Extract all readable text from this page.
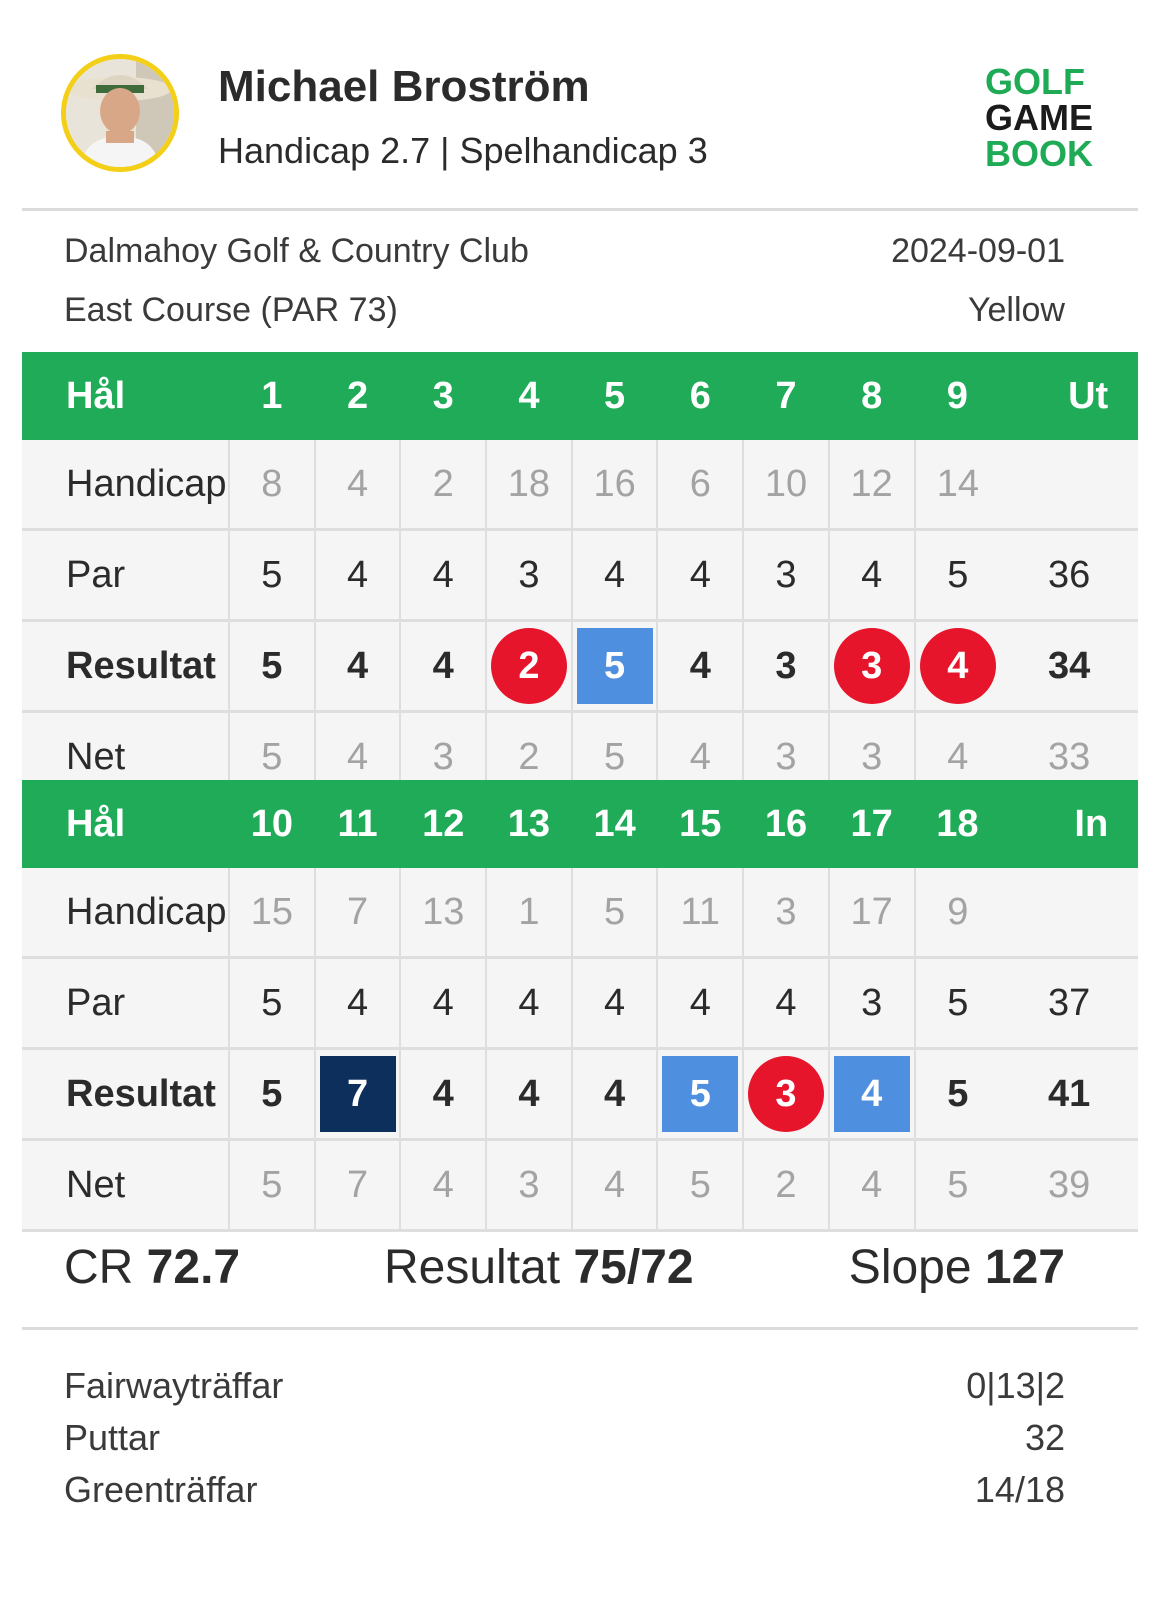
Michael Broström
Handicap 2.7 | Spelhandicap 3
GOLF
GAME
BOOK
Dalmahoy Golf & Country Club
East Course (PAR 73)
2024-09-01
Yellow
Hål	1	2	3	4	5	6	7	8	9	Ut
Handicap	8	4	2	18	16	6	10	12	14	
Par	5	4	4	3	4	4	3	4	5	36
Resultat	5	4	4	2	5	4	3	3	4	34
Net	5	4	3	2	5	4	3	3	4	33
Hål	10	11	12	13	14	15	16	17	18	In
Handicap	15	7	13	1	5	11	3	17	9	
Par	5	4	4	4	4	4	4	3	5	37
Resultat	5	7	4	4	4	5	3	4	5	41
Net	5	7	4	3	4	5	2	4	5	39
CR 72.7	Resultat 75/72	Slope 127
Fairwayträffar	0|13|2
Puttar	32
Greenträffar	14/18
